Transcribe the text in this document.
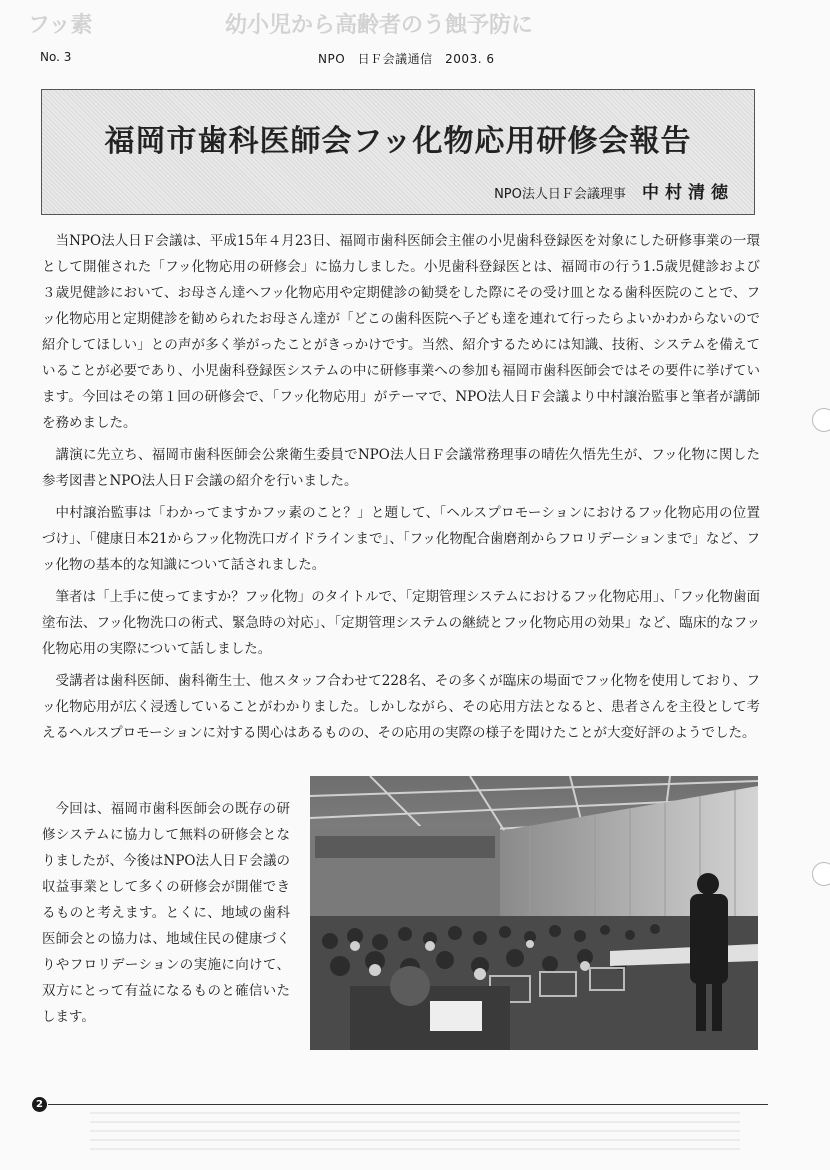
フッ素	幼小児から高齢者のう蝕予防に
No. 3	NPO　日Ｆ会議通信　2003. 6
福岡市歯科医師会フッ化物応用研修会報告
NPO法人日Ｆ会議理事 中村清徳

当NPO法人日Ｆ会議は、平成15年４月23日、福岡市歯科医師会主催の小児歯科登録医を対象にした研修事業の一環として開催された「フッ化物応用の研修会」に協力しました。小児歯科登録医とは、福岡市の行う1.5歳児健診および３歳児健診において、お母さん達へフッ化物応用や定期健診の勧奨をした際にその受け皿となる歯科医院のことで、フッ化物応用と定期健診を勧められたお母さん達が「どこの歯科医院へ子ども達を連れて行ったらよいかわからないので紹介してほしい」との声が多く挙がったことがきっかけです。当然、紹介するためには知識、技術、システムを備えていることが必要であり、小児歯科登録医システムの中に研修事業への参加も福岡市歯科医師会ではその要件に挙げています。今回はその第１回の研修会で、「フッ化物応用」がテーマで、NPO法人日Ｆ会議より中村譲治監事と筆者が講師を務めました。

講演に先立ち、福岡市歯科医師会公衆衛生委員でNPO法人日Ｆ会議常務理事の晴佐久悟先生が、フッ化物に関した参考図書とNPO法人日Ｆ会議の紹介を行いました。

中村譲治監事は「わかってますかフッ素のこと？」と題して、「ヘルスプロモーションにおけるフッ化物応用の位置づけ」、「健康日本21からフッ化物洗口ガイドラインまで」、「フッ化物配合歯磨剤からフロリデーションまで」など、フッ化物の基本的な知識について話されました。

筆者は「上手に使ってますか？フッ化物」のタイトルで、「定期管理システムにおけるフッ化物応用」、「フッ化物歯面塗布法、フッ化物洗口の術式、緊急時の対応」、「定期管理システムの継続とフッ化物応用の効果」など、臨床的なフッ化物応用の実際について話しました。

受講者は歯科医師、歯科衛生士、他スタッフ合わせて228名、その多くが臨床の場面でフッ化物を使用しており、フッ化物応用が広く浸透していることがわかりました。しかしながら、その応用方法となると、患者さんを主役として考えるヘルスプロモーションに対する関心はあるものの、その応用の実際の様子を聞けたことが大変好評のようでした。

今回は、福岡市歯科医師会の既存の研修システムに協力して無料の研修会となりましたが、今後はNPO法人日Ｆ会議の収益事業として多くの研修会が開催できるものと考えます。とくに、地域の歯科医師会との協力は、地域住民の健康づくりやフロリデーションの実施に向けて、双方にとって有益になるものと確信いたします。

2
